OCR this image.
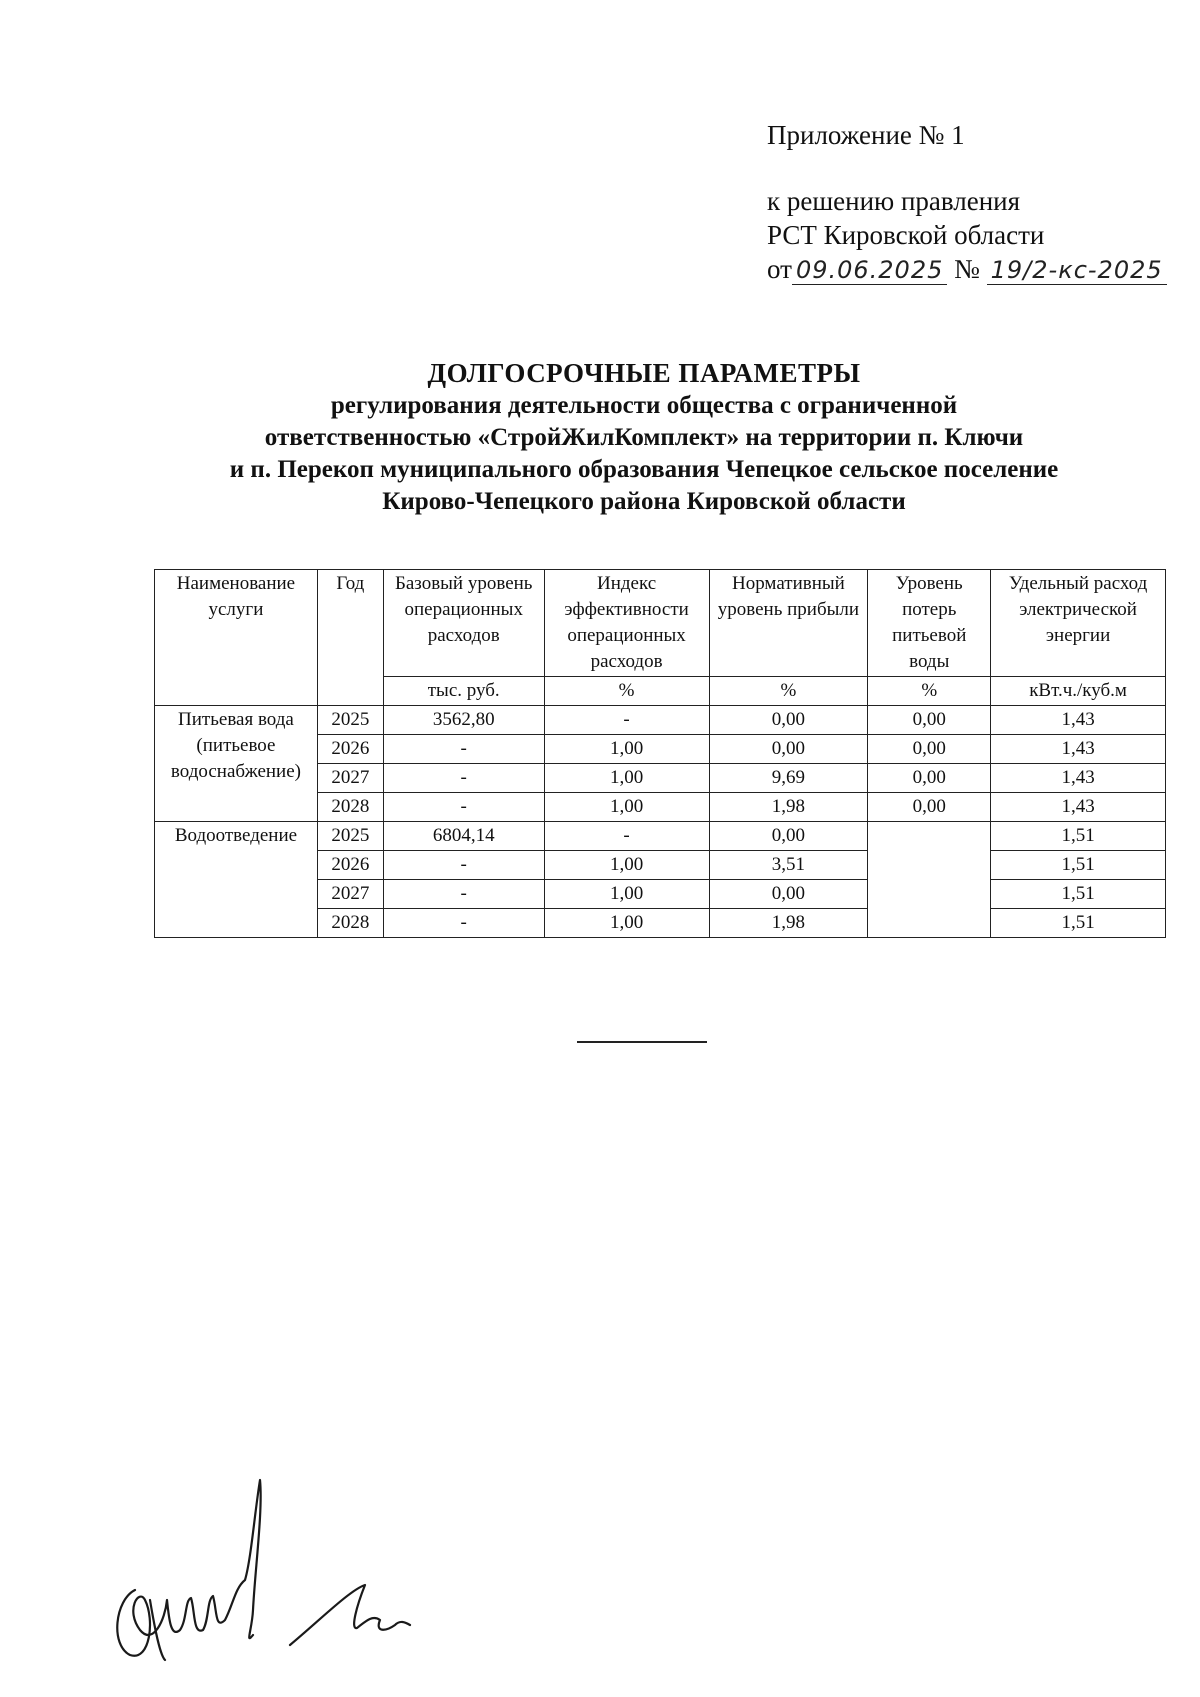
Приложение № 1
к решению правления
РСТ Кировской области
от 09.06.2025 № 19/2-кс-2025
ДОЛГОСРОЧНЫЕ ПАРАМЕТРЫ
регулирования деятельности общества с ограниченной
ответственностью «СтройЖилКомплект» на территории п. Ключи
и п. Перекоп муниципального образования Чепецкое сельское поселение
Кирово-Чепецкого района Кировской области
Наименование услуги	Год	Базовый уровень операционных расходов	Индекс эффективности операционных расходов	Нормативный уровень прибыли	Уровень потерь питьевой воды	Удельный расход электрической энергии
		тыс. руб.	%	%	%	кВт.ч./куб.м
Питьевая вода (питьевое водоснабжение)	2025	3562,80	-	0,00	0,00	1,43
	2026	-	1,00	0,00	0,00	1,43
	2027	-	1,00	9,69	0,00	1,43
	2028	-	1,00	1,98	0,00	1,43
Водоотведение	2025	6804,14	-	0,00		1,51
	2026	-	1,00	3,51		1,51
	2027	-	1,00	0,00		1,51
	2028	-	1,00	1,98		1,51
